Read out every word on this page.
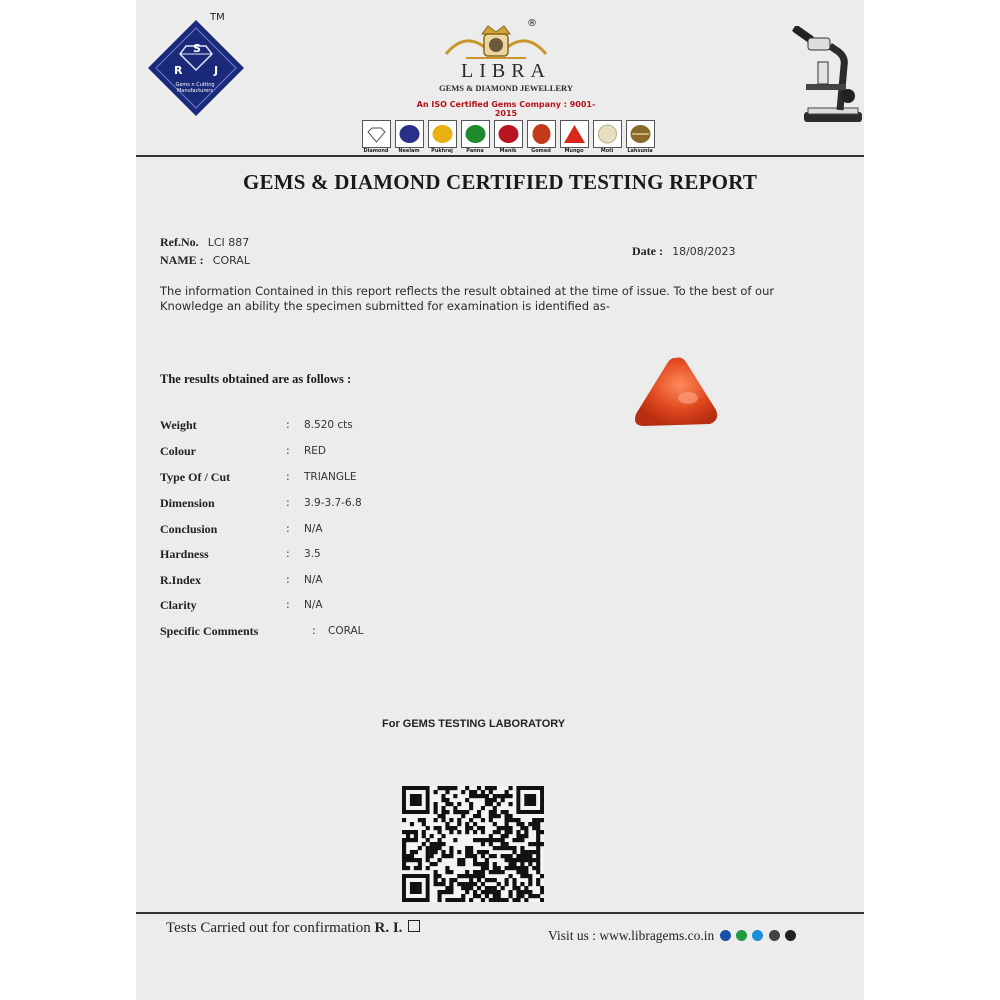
TM
S
R	J
Gems n Cutting Manufacturers
®
LIBRA
GEMS & DIAMOND JEWELLERY
An ISO Certified Gems Company : 9001-2015
Diamond	Neelam	Pukhraj	Panna	Manik	Gomed	Mungo	Moti	Lahsunia
GEMS & DIAMOND CERTIFIED TESTING REPORT
Ref.No. LCI 887
NAME : CORAL
Date : 18/08/2023
The information Contained in this report reflects the result obtained at the time of issue. To the best of our Knowledge an ability the specimen submitted for examination is identified as-
The results obtained are as follows :
Weight	: 8.520 cts
Colour	: RED
Type Of / Cut	: TRIANGLE
Dimension	: 3.9-3.7-6.8
Conclusion	: N/A
Hardness	: 3.5
R.Index	: N/A
Clarity	: N/A
Specific Comments	: CORAL
For GEMS TESTING LABORATORY
Tests Carried out for confirmation R. I.	Visit us : www.libragems.co.in
